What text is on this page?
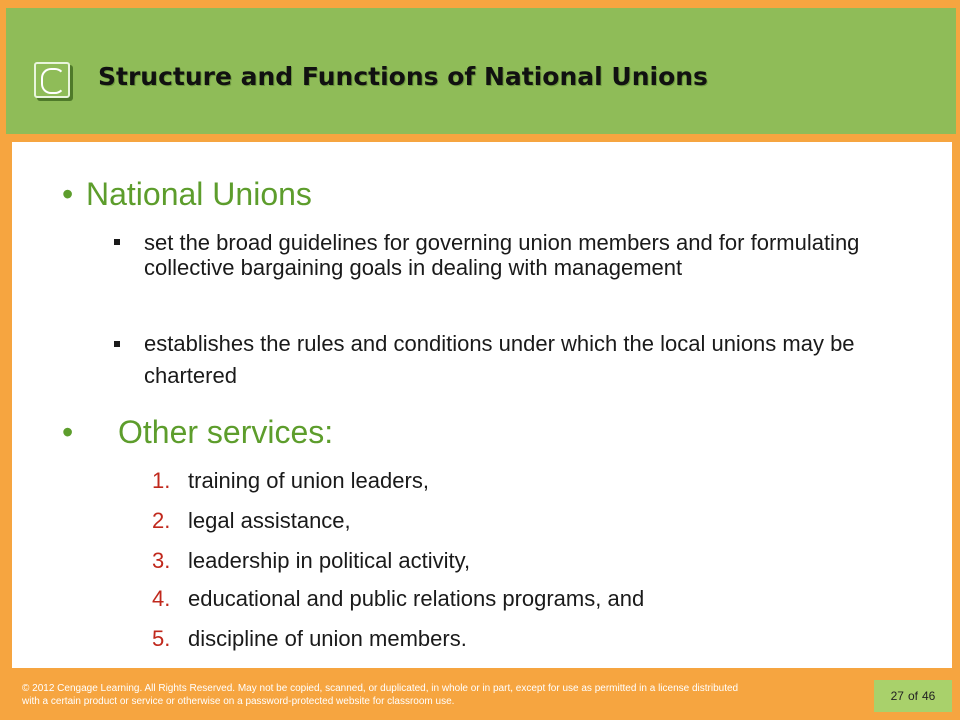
Structure and Functions of National Unions
• National Unions
set the broad guidelines for governing union members and for formulating collective bargaining goals in dealing with management
establishes the rules and conditions under which the local unions may be chartered
• Other services:
1. training of union leaders,
2. legal assistance,
3. leadership in political activity,
4. educational and public relations programs, and
5. discipline of union members.
© 2012 Cengage Learning. All Rights Reserved. May not be copied, scanned, or duplicated, in whole or in part, except for use as permitted in a license distributed with a certain product or service or otherwise on a password-protected website for classroom use.	27 of 46
